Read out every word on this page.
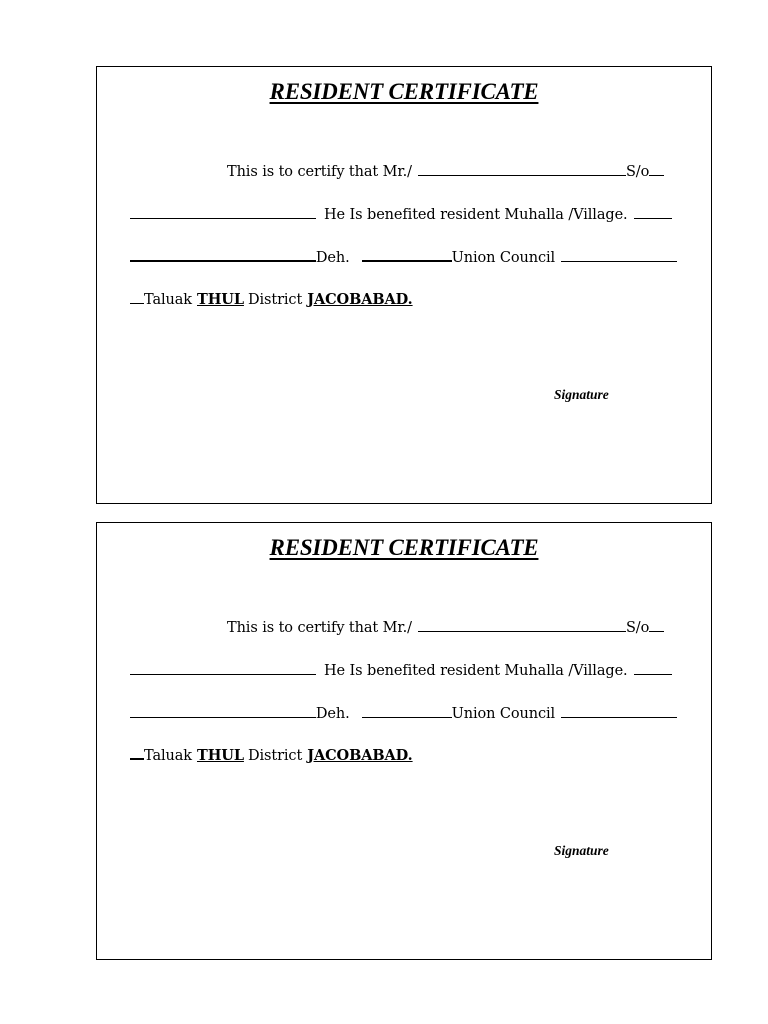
RESIDENT CERTIFICATE
This is to certify that Mr./	S/o
He Is benefited resident Muhalla /Village.
Deh.	Union Council
Taluak THUL District JACOBABAD.
Signature
RESIDENT CERTIFICATE
This is to certify that Mr./	S/o
He Is benefited resident Muhalla /Village.
Deh.	Union Council
Taluak THUL District JACOBABAD.
Signature
